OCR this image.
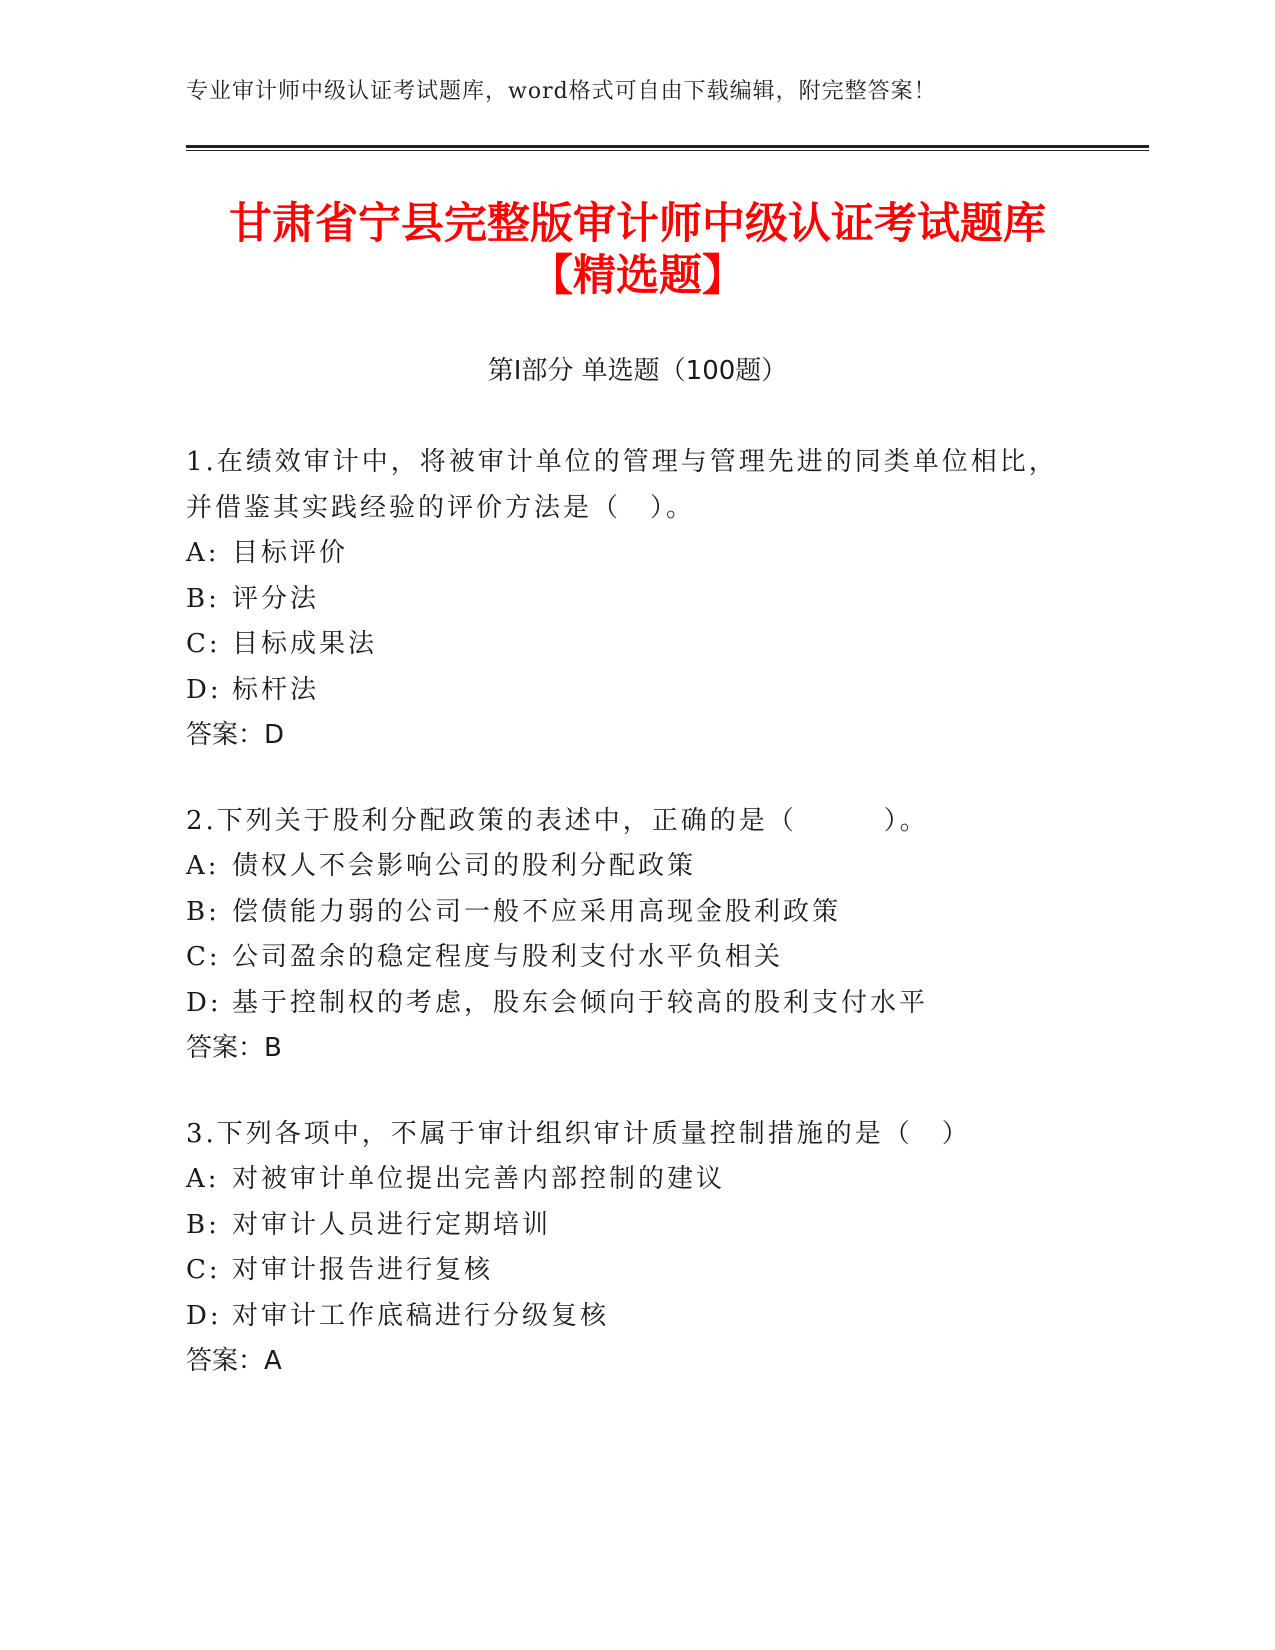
专业审计师中级认证考试题库，word格式可自由下载编辑，附完整答案！
甘肃省宁县完整版审计师中级认证考试题库
【精选题】
第Ⅰ部分 单选题（100题）
1.在绩效审计中，将被审计单位的管理与管理先进的同类单位相比，
并借鉴其实践经验的评价方法是（　）。
A: 目标评价
B: 评分法
C: 目标成果法
D: 标杆法
答案：D
2.下列关于股利分配政策的表述中，正确的是（　　　）。
A: 债权人不会影响公司的股利分配政策
B: 偿债能力弱的公司一般不应采用高现金股利政策
C: 公司盈余的稳定程度与股利支付水平负相关
D: 基于控制权的考虑，股东会倾向于较高的股利支付水平
答案：B
3.下列各项中，不属于审计组织审计质量控制措施的是（　）
A: 对被审计单位提出完善内部控制的建议
B: 对审计人员进行定期培训
C: 对审计报告进行复核
D: 对审计工作底稿进行分级复核
答案：A
